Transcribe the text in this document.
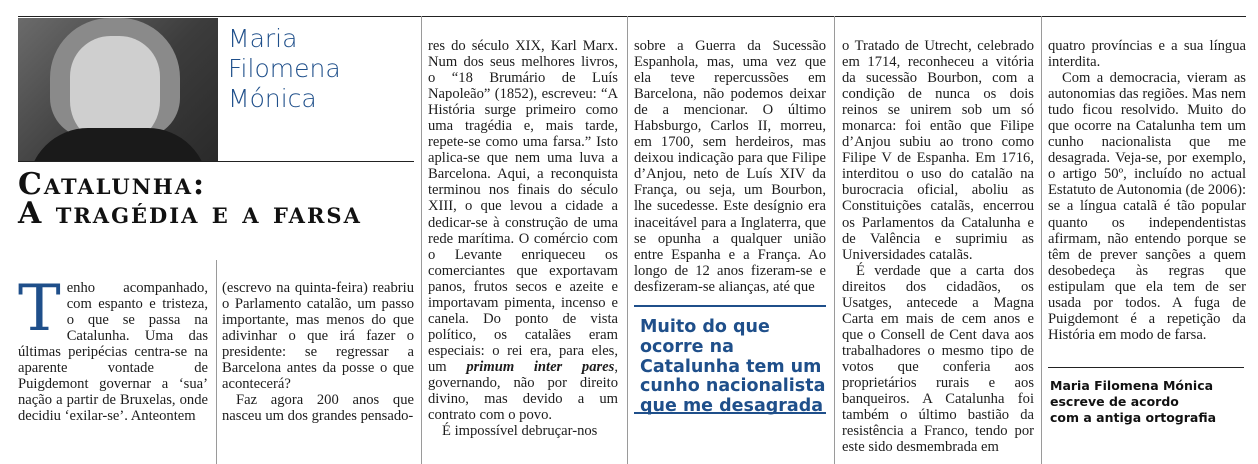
Maria
Filomena
Mónica
Catalunha:
A tragédia e a farsa

Tenho acompanhado, com espanto e tristeza, o que se passa na Catalunha. Uma das últimas peripécias centra-se na aparente vontade de Puigdemont governar a ‘sua’ nação a partir de Bruxelas, onde decidiu ‘exilar-se’. Anteontem

(escrevo na quinta-feira) reabriu o Parlamento catalão, um passo importante, mas menos do que adivinhar o que irá fazer o presidente: se regressar a Barcelona antes da posse o que acontecerá?

Faz agora 200 anos que nasceu um dos grandes pensado-

res do século XIX, Karl Marx. Num dos seus melhores livros, o “18 Brumário de Luís Napoleão” (1852), escreveu: “A História surge primeiro como uma tragédia e, mais tarde, repete-se como uma farsa.” Isto aplica-se que nem uma luva a Barcelona. Aqui, a reconquista terminou nos finais do século XIII, o que levou a cidade a dedicar-se à construção de uma rede marítima. O comércio com o Levante enriqueceu os comerciantes que exportavam panos, frutos secos e azeite e importavam pimenta, incenso e canela. Do ponto de vista político, os catalães eram especiais: o rei era, para eles, um primum inter pares, governando, não por direito divino, mas devido a um contrato com o povo.

É impossível debruçar-nos

sobre a Guerra da Sucessão Espanhola, mas, uma vez que ela teve repercussões em Barcelona, não podemos deixar de a mencionar. O último Habsburgo, Carlos II, morreu, em 1700, sem herdeiros, mas deixou indicação para que Filipe d’Anjou, neto de Luís XIV da França, ou seja, um Bourbon, lhe sucedesse. Este desígnio era inaceitável para a Inglaterra, que se opunha a qualquer união entre Espanha e a França. Ao longo de 12 anos fizeram-se e desfizeram-se alianças, até que

Muito do que ocorre na Catalunha tem um cunho nacionalista que me desagrada

o Tratado de Utrecht, celebrado em 1714, reconheceu a vitória da sucessão Bourbon, com a condição de nunca os dois reinos se unirem sob um só monarca: foi então que Filipe d’Anjou subiu ao trono como Filipe V de Espanha. Em 1716, interditou o uso do catalão na burocracia oficial, aboliu as Constituições catalãs, encerrou os Parlamentos da Catalunha e de Valência e suprimiu as Universidades catalãs.

É verdade que a carta dos direitos dos cidadãos, os Usatges, antecede a Magna Carta em mais de cem anos e que o Consell de Cent dava aos trabalhadores o mesmo tipo de votos que conferia aos proprietários rurais e aos banqueiros. A Catalunha foi também o último bastião da resistência a Franco, tendo por este sido desmembrada em

quatro províncias e a sua língua interdita.

Com a democracia, vieram as autonomias das regiões. Mas nem tudo ficou resolvido. Muito do que ocorre na Catalunha tem um cunho nacionalista que me desagrada. Veja-se, por exemplo, o artigo 50º, incluído no actual Estatuto de Autonomia (de 2006): se a língua catalã é tão popular quanto os independentistas afirmam, não entendo porque se têm de prever sanções a quem desobedeça às regras que estipulam que ela tem de ser usada por todos. A fuga de Puigdemont é a repetição da História em modo de farsa.

Maria Filomena Mónica
escreve de acordo
com a antiga ortografia
